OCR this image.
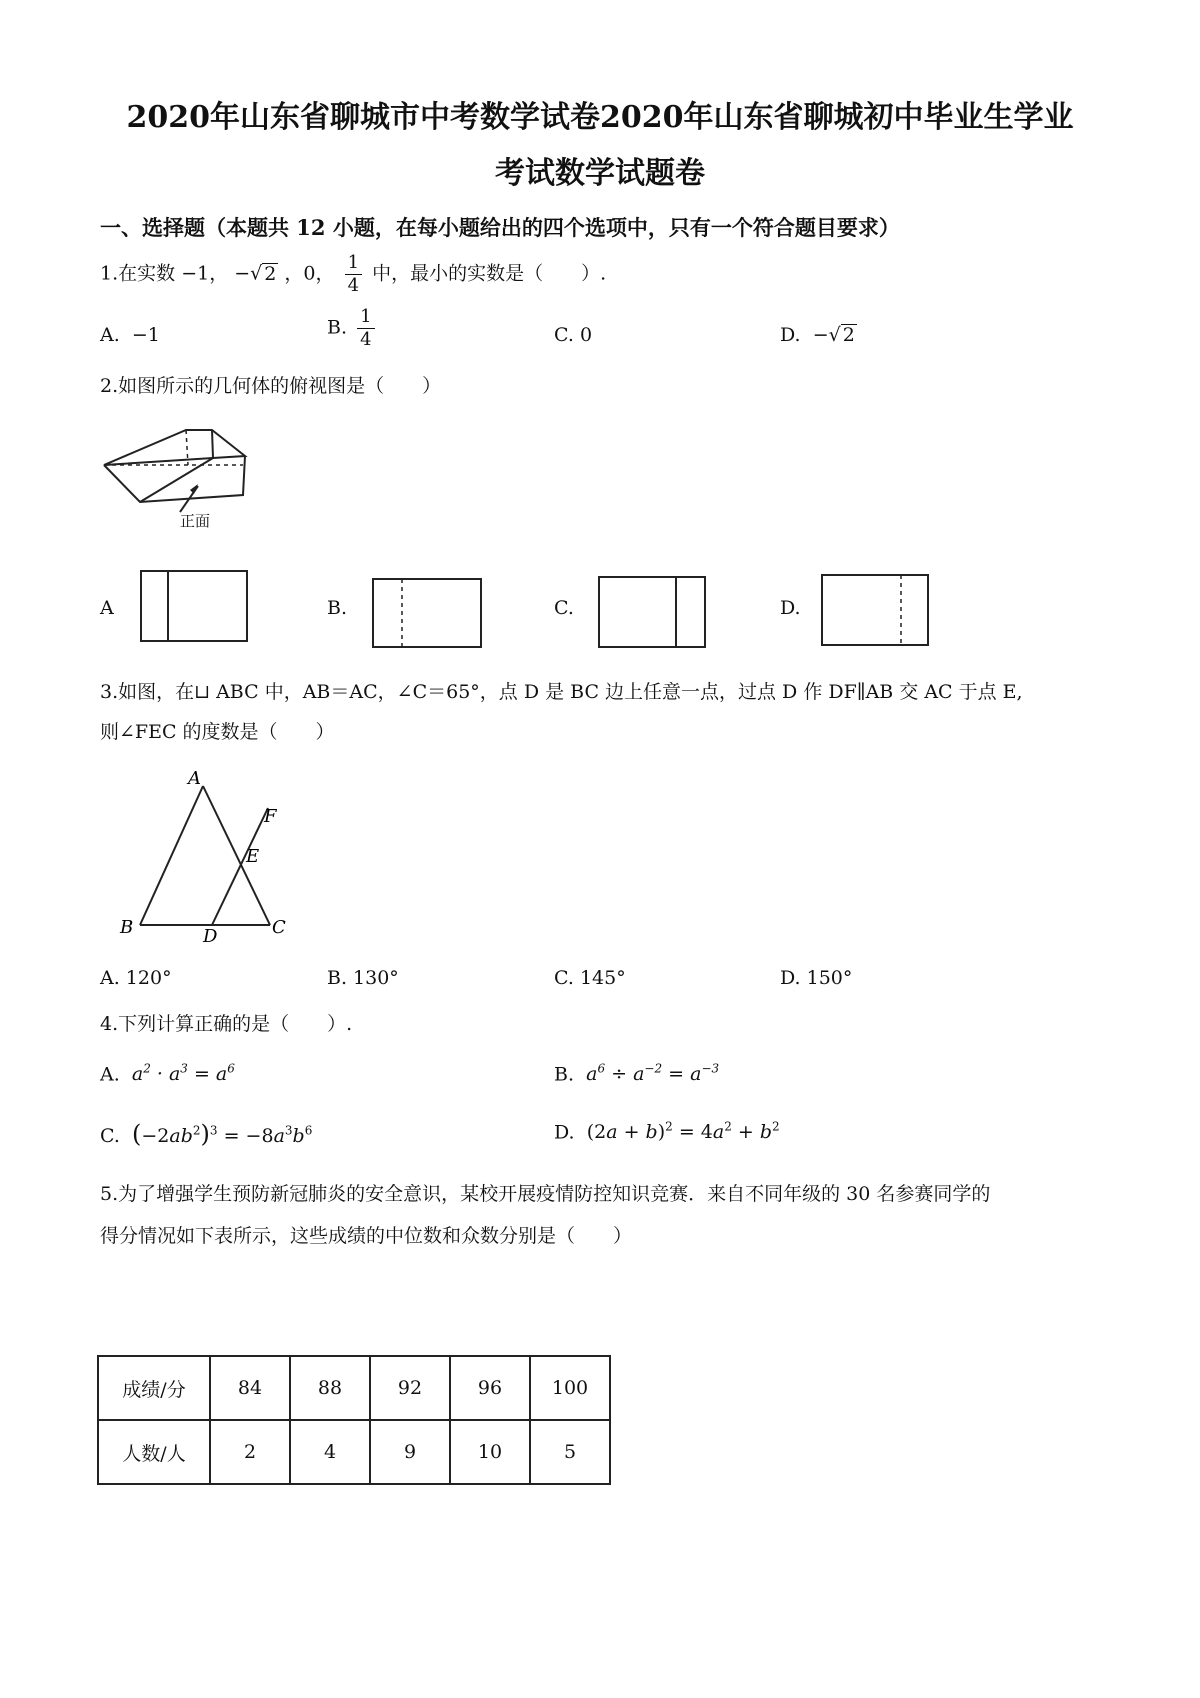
2020年山东省聊城市中考数学试卷2020年山东省聊城初中毕业生学业
考试数学试题卷
一、选择题（本题共 12 小题，在每小题给出的四个选项中，只有一个符合题目要求）
1.在实数 −1， −√ 2 ，0， $\frac{1}{4}$ 中，最小的实数是（　　）.
A. −1	B. $\frac{1}{4}$	C. 0	D. −√ 2
2.如图所示的几何体的俯视图是（　　）
正面
A	B.	C.	D.
3.如图，在⊔ ABC 中，AB＝AC，∠C＝65°，点 D 是 BC 边上任意一点，过点 D 作 DF∥AB 交 AC 于点 E,
则∠FEC 的度数是（　　）
A
B	C
D
E
F
A. 120°	B. 130°	C. 145°	D. 150°
4.下列计算正确的是（　　）.
A. $a^2 \cdot a^3 = a^6$	B. $a^6 \div a^{-2} = a^{-3}$
C. $(-2ab^2)^3 = -8a^3b^6$	D. $(2a + b)^2 = 4a^2 + b^2$
5.为了增强学生预防新冠肺炎的安全意识，某校开展疫情防控知识竞赛．来自不同年级的 30 名参赛同学的
得分情况如下表所示，这些成绩的中位数和众数分别是（　　）
成绩/分	84	88	92	96	100
人数/人	2	4	9	10	5
